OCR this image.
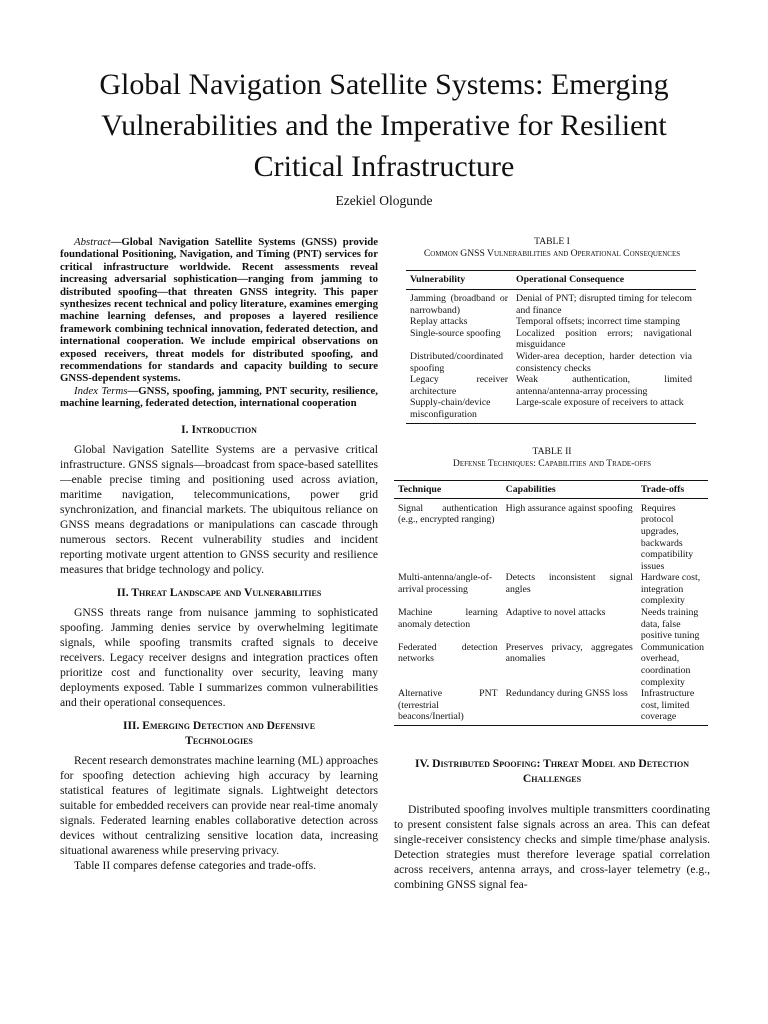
Global Navigation Satellite Systems: Emerging Vulnerabilities and the Imperative for Resilient Critical Infrastructure
Ezekiel Ologunde

Abstract—Global Navigation Satellite Systems (GNSS) provide foundational Positioning, Navigation, and Timing (PNT) services for critical infrastructure worldwide. Recent assessments reveal increasing adversarial sophistication—ranging from jamming to distributed spoofing—that threaten GNSS integrity. This paper synthesizes recent technical and policy literature, examines emerging machine learning defenses, and proposes a layered resilience framework combining technical innovation, federated detection, and international cooperation. We include empirical observations on exposed receivers, threat models for distributed spoofing, and recommendations for standards and capacity building to secure GNSS-dependent systems.

Index Terms—GNSS, spoofing, jamming, PNT security, resilience, machine learning, federated detection, international cooperation

I. Introduction

Global Navigation Satellite Systems are a pervasive critical infrastructure. GNSS signals—broadcast from space-based satellites—enable precise timing and positioning used across aviation, maritime navigation, telecommunications, power grid synchronization, and financial markets. The ubiquitous reliance on GNSS means degradations or manipulations can cascade through numerous sectors. Recent vulnerability studies and incident reporting motivate urgent attention to GNSS security and resilience measures that bridge technology and policy.

II. Threat Landscape and Vulnerabilities

GNSS threats range from nuisance jamming to sophisticated spoofing. Jamming denies service by overwhelming legitimate signals, while spoofing transmits crafted signals to deceive receivers. Legacy receiver designs and integration practices often prioritize cost and functionality over security, leaving many deployments exposed. Table I summarizes common vulnerabilities and their operational consequences.

III. Emerging Detection and Defensive Technologies

Recent research demonstrates machine learning (ML) approaches for spoofing detection achieving high accuracy by learning statistical features of legitimate signals. Lightweight detectors suitable for embedded receivers can provide near real-time anomaly signals. Federated learning enables collaborative detection across devices without centralizing sensitive location data, increasing situational awareness while preserving privacy.

Table II compares defense categories and trade-offs.

TABLE I
Common GNSS Vulnerabilities and Operational Consequences
Vulnerability	Operational Consequence

Jamming (broadband or narrowband)	Denial of PNT; disrupted timing for telecom and finance
Replay attacks	Temporal offsets; incorrect time stamping
Single-source spoofing	Localized position errors; navigational misguidance
Distributed/coordinated spoofing	Wider-area deception, harder detection via consistency checks
Legacy receiver architecture	Weak authentication, limited antenna/antenna-array processing
Supply-chain/device misconfiguration	Large-scale exposure of receivers to attack
TABLE II
Defense Techniques: Capabilities and Trade-offs
Technique	Capabilities	Trade-offs

Signal authentication (e.g., encrypted ranging)	High assurance against spoofing	Requires protocol upgrades, backwards compatibility issues
Multi-antenna/angle-of-arrival processing	Detects inconsistent signal angles	Hardware cost, integration complexity
Machine learning anomaly detection	Adaptive to novel attacks	Needs training data, false positive tuning
Federated detection networks	Preserves privacy, aggregates anomalies	Communication overhead, coordination complexity
Alternative PNT (terrestrial beacons/Inertial)	Redundancy during GNSS loss	Infrastructure cost, limited coverage
IV. Distributed Spoofing: Threat Model and Detection Challenges

Distributed spoofing involves multiple transmitters coordinating to present consistent false signals across an area. This can defeat single-receiver consistency checks and simple time/phase analysis. Detection strategies must therefore leverage spatial correlation across receivers, antenna arrays, and cross-layer telemetry (e.g., combining GNSS signal fea-
